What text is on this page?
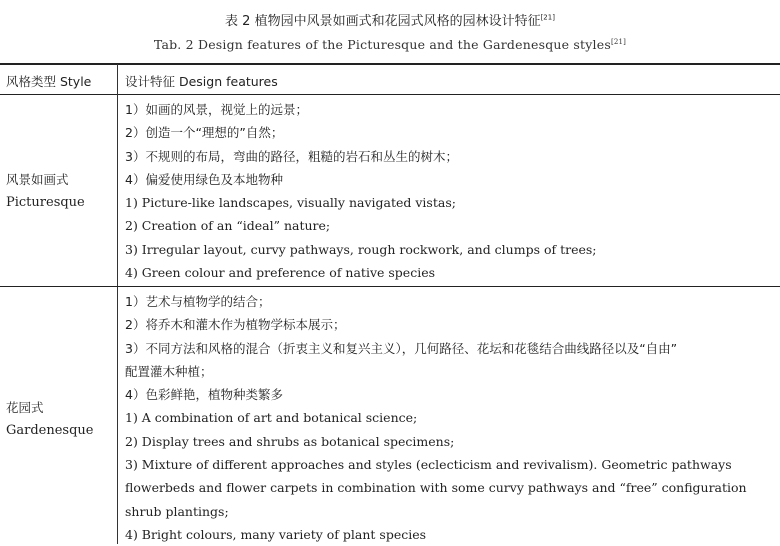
表 2 植物园中风景如画式和花园式风格的园林设计特征[21]
Tab. 2 Design features of the Picturesque and the Gardenesque styles[21]
风格类型 Style	设计特征 Design features
风景如画式
Picturesque
1）如画的风景，视觉上的远景；
2）创造一个“理想的”自然；
3）不规则的布局，弯曲的路径，粗糙的岩石和丛生的树木；
4）偏爱使用绿色及本地物种
1) Picture-like landscapes, visually navigated vistas;
2) Creation of an “ideal” nature;
3) Irregular layout, curvy pathways, rough rockwork, and clumps of trees;
4) Green colour and preference of native species
花园式
Gardenesque
1）艺术与植物学的结合；
2）将乔木和灌木作为植物学标本展示；
3）不同方法和风格的混合（折衷主义和复兴主义），几何路径、花坛和花毯结合曲线路径以及“自由”
配置灌木种植；
4）色彩鲜艳，植物种类繁多
1) A combination of art and botanical science;
2) Display trees and shrubs as botanical specimens;
3) Mixture of different approaches and styles (eclecticism and revivalism). Geometric pathways
flowerbeds and flower carpets in combination with some curvy pathways and “free” configuration
shrub plantings;
4) Bright colours, many variety of plant species
